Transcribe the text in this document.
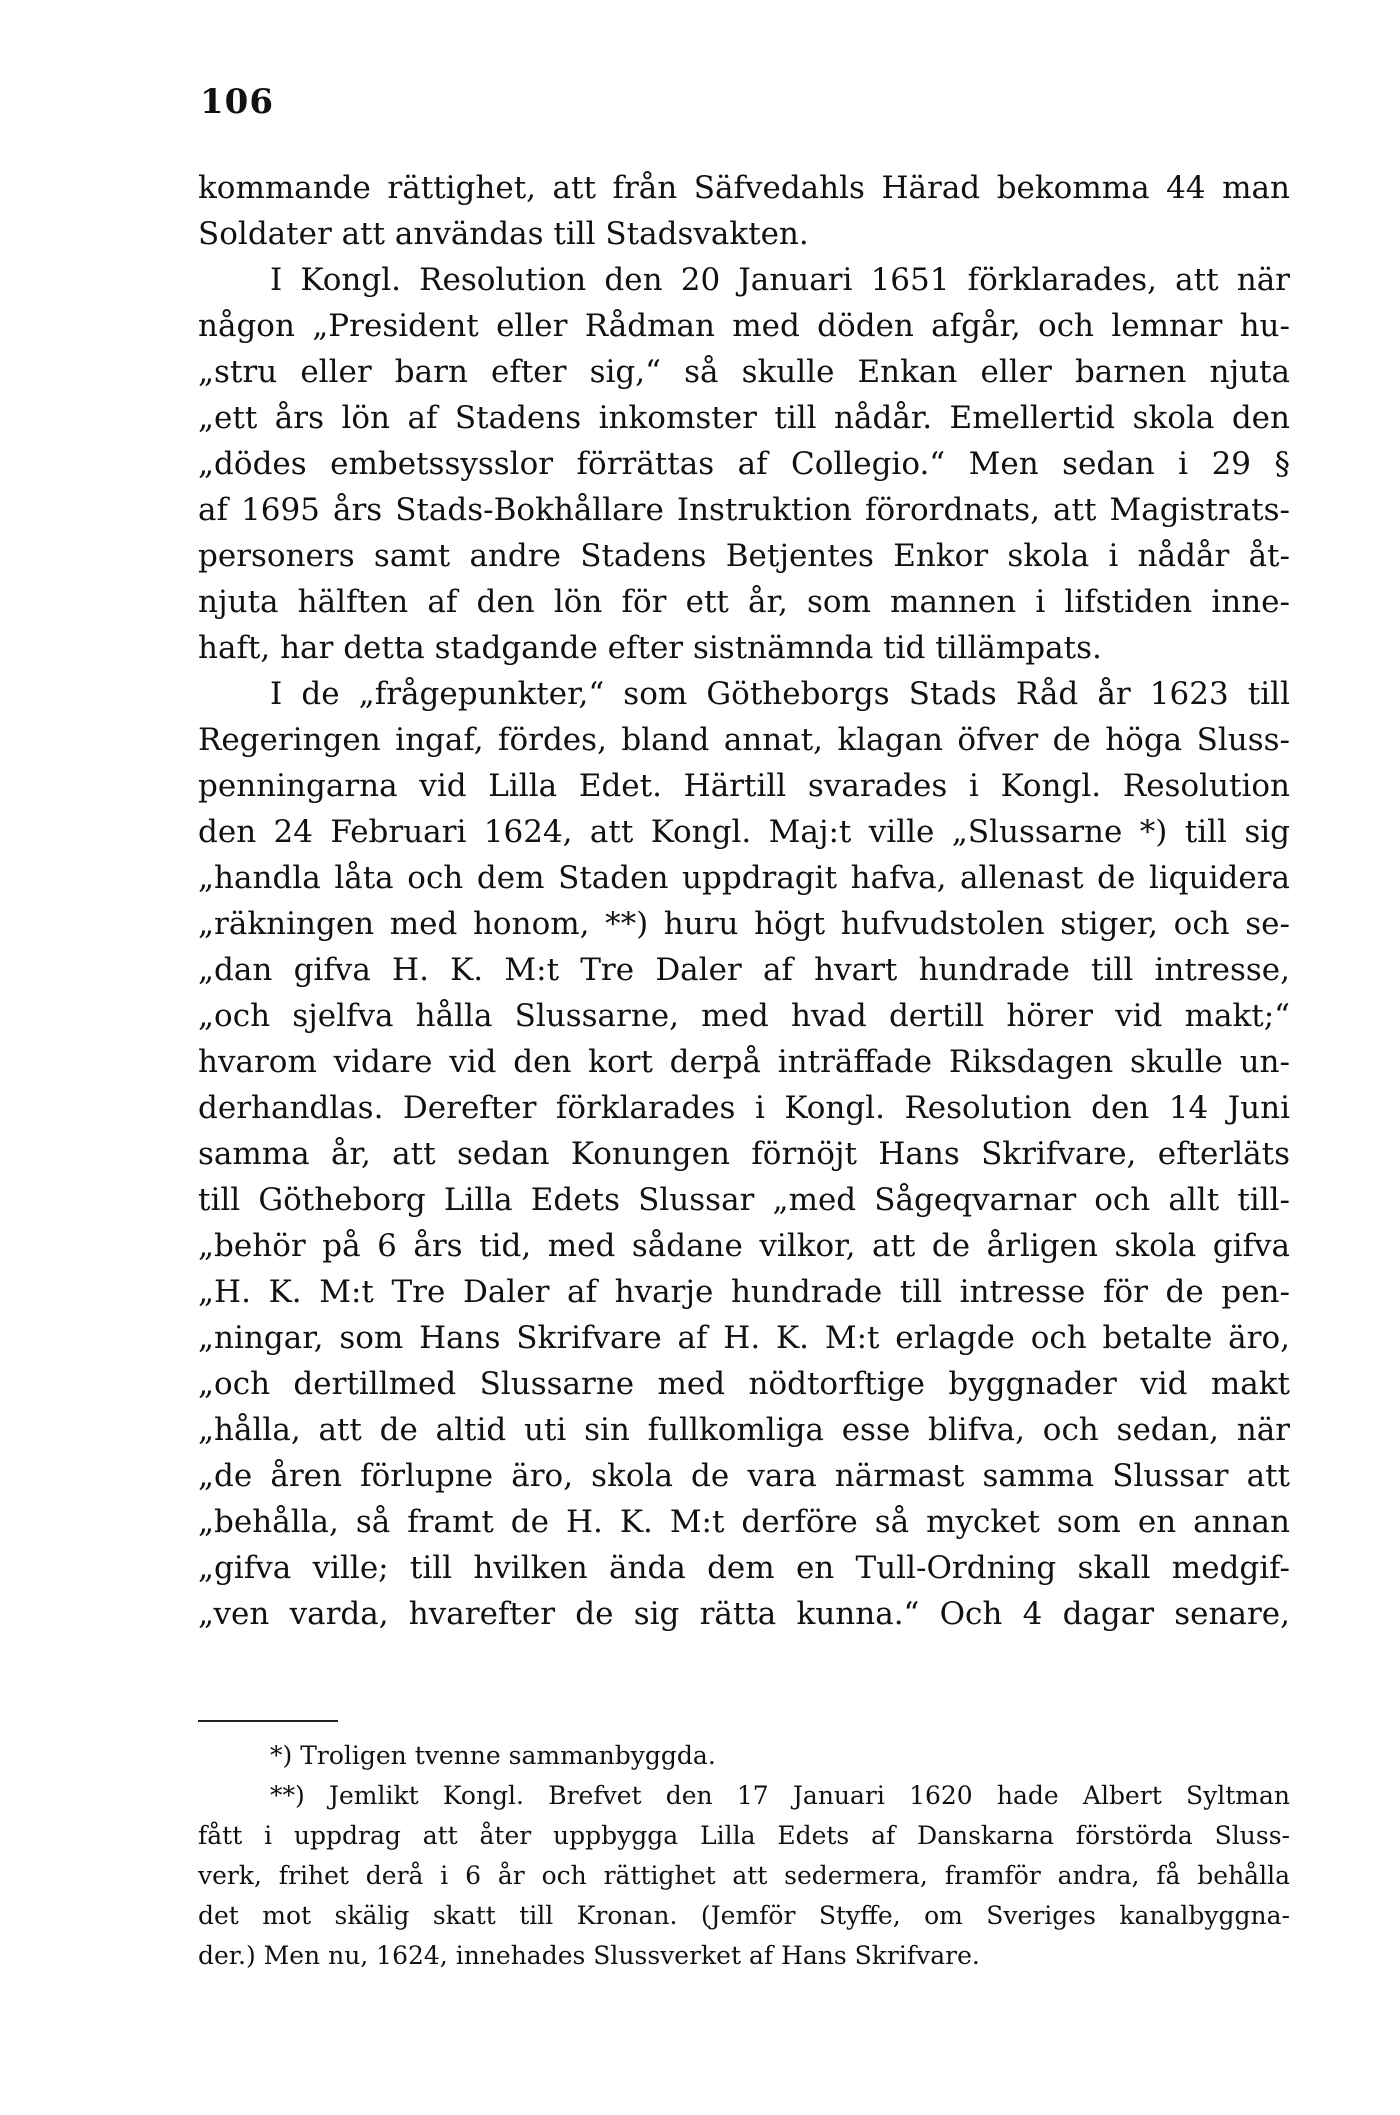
106
kommande rättighet, att från Säfvedahls Härad bekomma 44 man
Soldater att användas till Stadsvakten.
I Kongl. Resolution den 20 Januari 1651 förklarades, att när
någon „President eller Rådman med döden afgår, och lemnar hu-
„stru eller barn efter sig,“ så skulle Enkan eller barnen njuta
„ett års lön af Stadens inkomster till nådår. Emellertid skola den
„dödes embetssysslor förrättas af Collegio.“ Men sedan i 29 §
af 1695 års Stads-Bokhållare Instruktion förordnats, att Magistrats-
personers samt andre Stadens Betjentes Enkor skola i nådår åt-
njuta hälften af den lön för ett år, som mannen i lifstiden inne-
haft, har detta stadgande efter sistnämnda tid tillämpats.
I de „frågepunkter,“ som Götheborgs Stads Råd år 1623 till
Regeringen ingaf, fördes, bland annat, klagan öfver de höga Sluss-
penningarna vid Lilla Edet. Härtill svarades i Kongl. Resolution
den 24 Februari 1624, att Kongl. Maj:t ville „Slussarne *) till sig
„handla låta och dem Staden uppdragit hafva, allenast de liquidera
„räkningen med honom, **) huru högt hufvudstolen stiger, och se-
„dan gifva H. K. M:t Tre Daler af hvart hundrade till intresse,
„och sjelfva hålla Slussarne, med hvad dertill hörer vid makt;“
hvarom vidare vid den kort derpå inträffade Riksdagen skulle un-
derhandlas. Derefter förklarades i Kongl. Resolution den 14 Juni
samma år, att sedan Konungen förnöjt Hans Skrifvare, efterläts
till Götheborg Lilla Edets Slussar „med Sågeqvarnar och allt till-
„behör på 6 års tid, med sådane vilkor, att de årligen skola gifva
„H. K. M:t Tre Daler af hvarje hundrade till intresse för de pen-
„ningar, som Hans Skrifvare af H. K. M:t erlagde och betalte äro,
„och dertillmed Slussarne med nödtorftige byggnader vid makt
„hålla, att de altid uti sin fullkomliga esse blifva, och sedan, när
„de åren förlupne äro, skola de vara närmast samma Slussar att
„behålla, så framt de H. K. M:t derföre så mycket som en annan
„gifva ville; till hvilken ända dem en Tull-Ordning skall medgif-
„ven varda, hvarefter de sig rätta kunna.“ Och 4 dagar senare,
*) Troligen tvenne sammanbyggda.
**) Jemlikt Kongl. Brefvet den 17 Januari 1620 hade Albert Syltman
fått i uppdrag att åter uppbygga Lilla Edets af Danskarna förstörda Sluss-
verk, frihet derå i 6 år och rättighet att sedermera, framför andra, få behålla
det mot skälig skatt till Kronan. (Jemför Styffe, om Sveriges kanalbyggna-
der.) Men nu, 1624, innehades Slussverket af Hans Skrifvare.
